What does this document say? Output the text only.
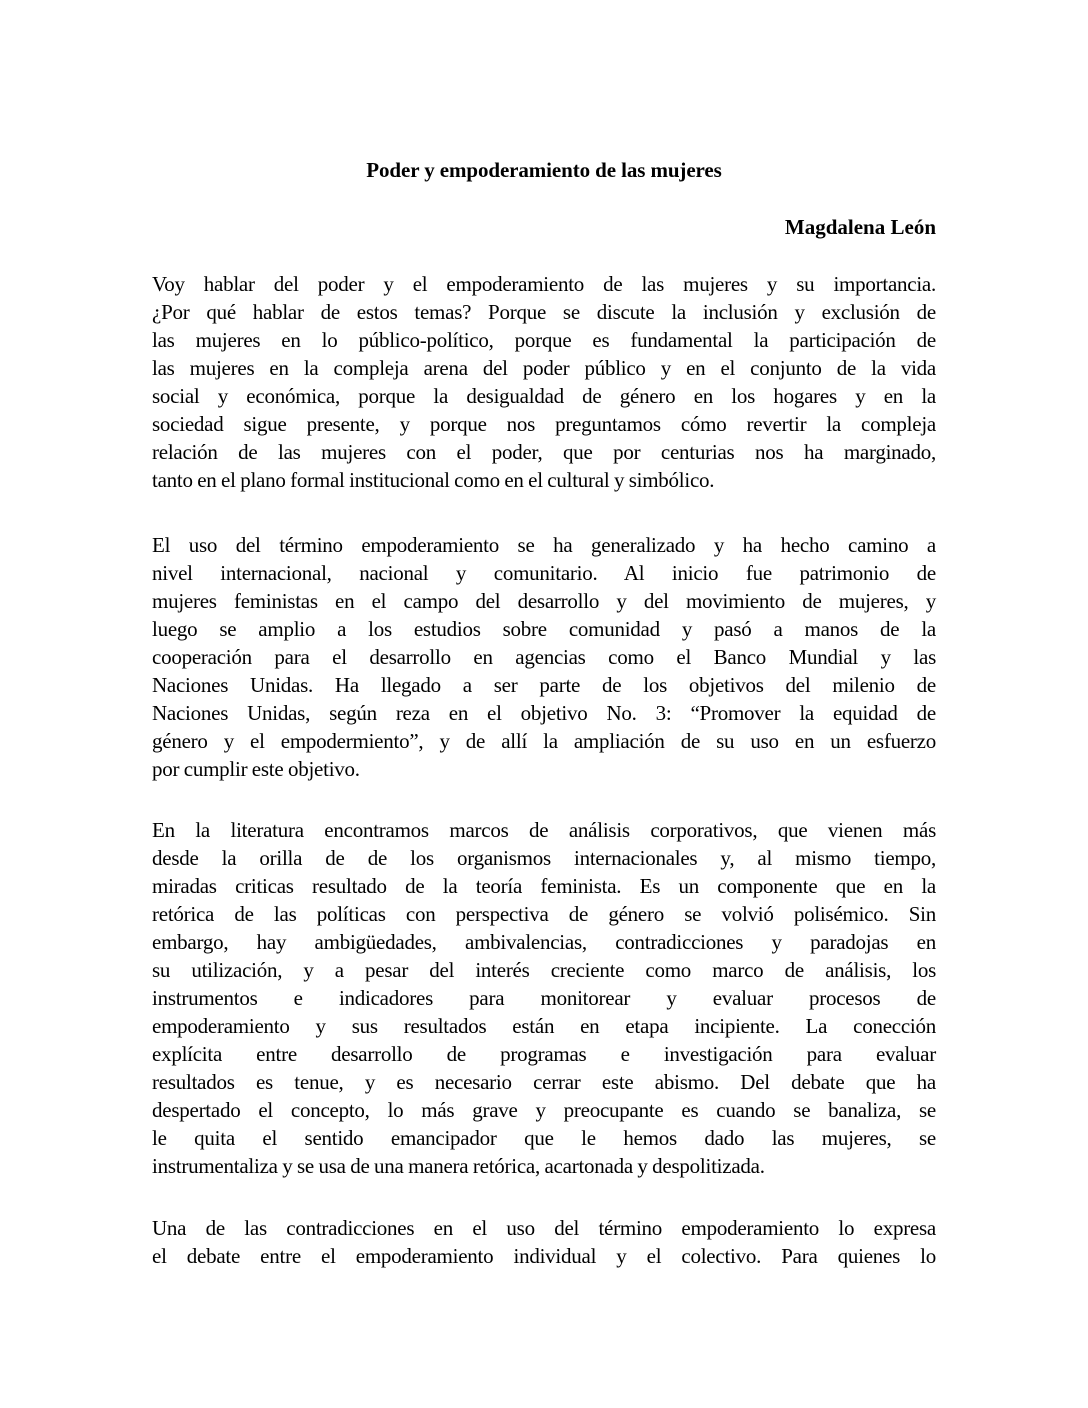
Poder y empoderamiento de las mujeres
Magdalena León
Voy hablar del poder y el empoderamiento de las mujeres y su importancia.
¿Por qué hablar de estos temas? Porque se discute la inclusión y exclusión de
las mujeres en lo público-político, porque es fundamental la participación de
las mujeres en la compleja arena del poder público y en el conjunto de la vida
social y económica, porque la desigualdad de género en los hogares y en la
sociedad sigue presente, y porque nos preguntamos cómo revertir la compleja
relación de las mujeres con el poder, que por centurias nos ha marginado,
tanto en el plano formal institucional como en el cultural y simbólico.
El uso del término empoderamiento se ha generalizado y ha hecho camino a
nivel internacional, nacional y comunitario. Al inicio fue patrimonio de
mujeres feministas en el campo del desarrollo y del movimiento de mujeres, y
luego se amplio a los estudios sobre comunidad y pasó a manos de la
cooperación para el desarrollo en agencias como el Banco Mundial y las
Naciones Unidas. Ha llegado a ser parte de los objetivos del milenio de
Naciones Unidas, según reza en el objetivo No. 3: “Promover la equidad de
género y el empodermiento”, y de allí la ampliación de su uso en un esfuerzo
por cumplir este objetivo.
En la literatura encontramos marcos de análisis corporativos, que vienen más
desde la orilla de de los organismos internacionales y, al mismo tiempo,
miradas criticas resultado de la teoría feminista. Es un componente que en la
retórica de las políticas con perspectiva de género se volvió polisémico. Sin
embargo, hay ambigüedades, ambivalencias, contradicciones y paradojas en
su utilización, y a pesar del interés creciente como marco de análisis, los
instrumentos e indicadores para monitorear y evaluar procesos de
empoderamiento y sus resultados están en etapa incipiente. La conección
explícita entre desarrollo de programas e investigación para evaluar
resultados es tenue, y es necesario cerrar este abismo. Del debate que ha
despertado el concepto, lo más grave y preocupante es cuando se banaliza, se
le quita el sentido emancipador que le hemos dado las mujeres, se
instrumentaliza y se usa de una manera retórica, acartonada y despolitizada.
Una de las contradicciones en el uso del término empoderamiento lo expresa
el debate entre el empoderamiento individual y el colectivo. Para quienes lo
